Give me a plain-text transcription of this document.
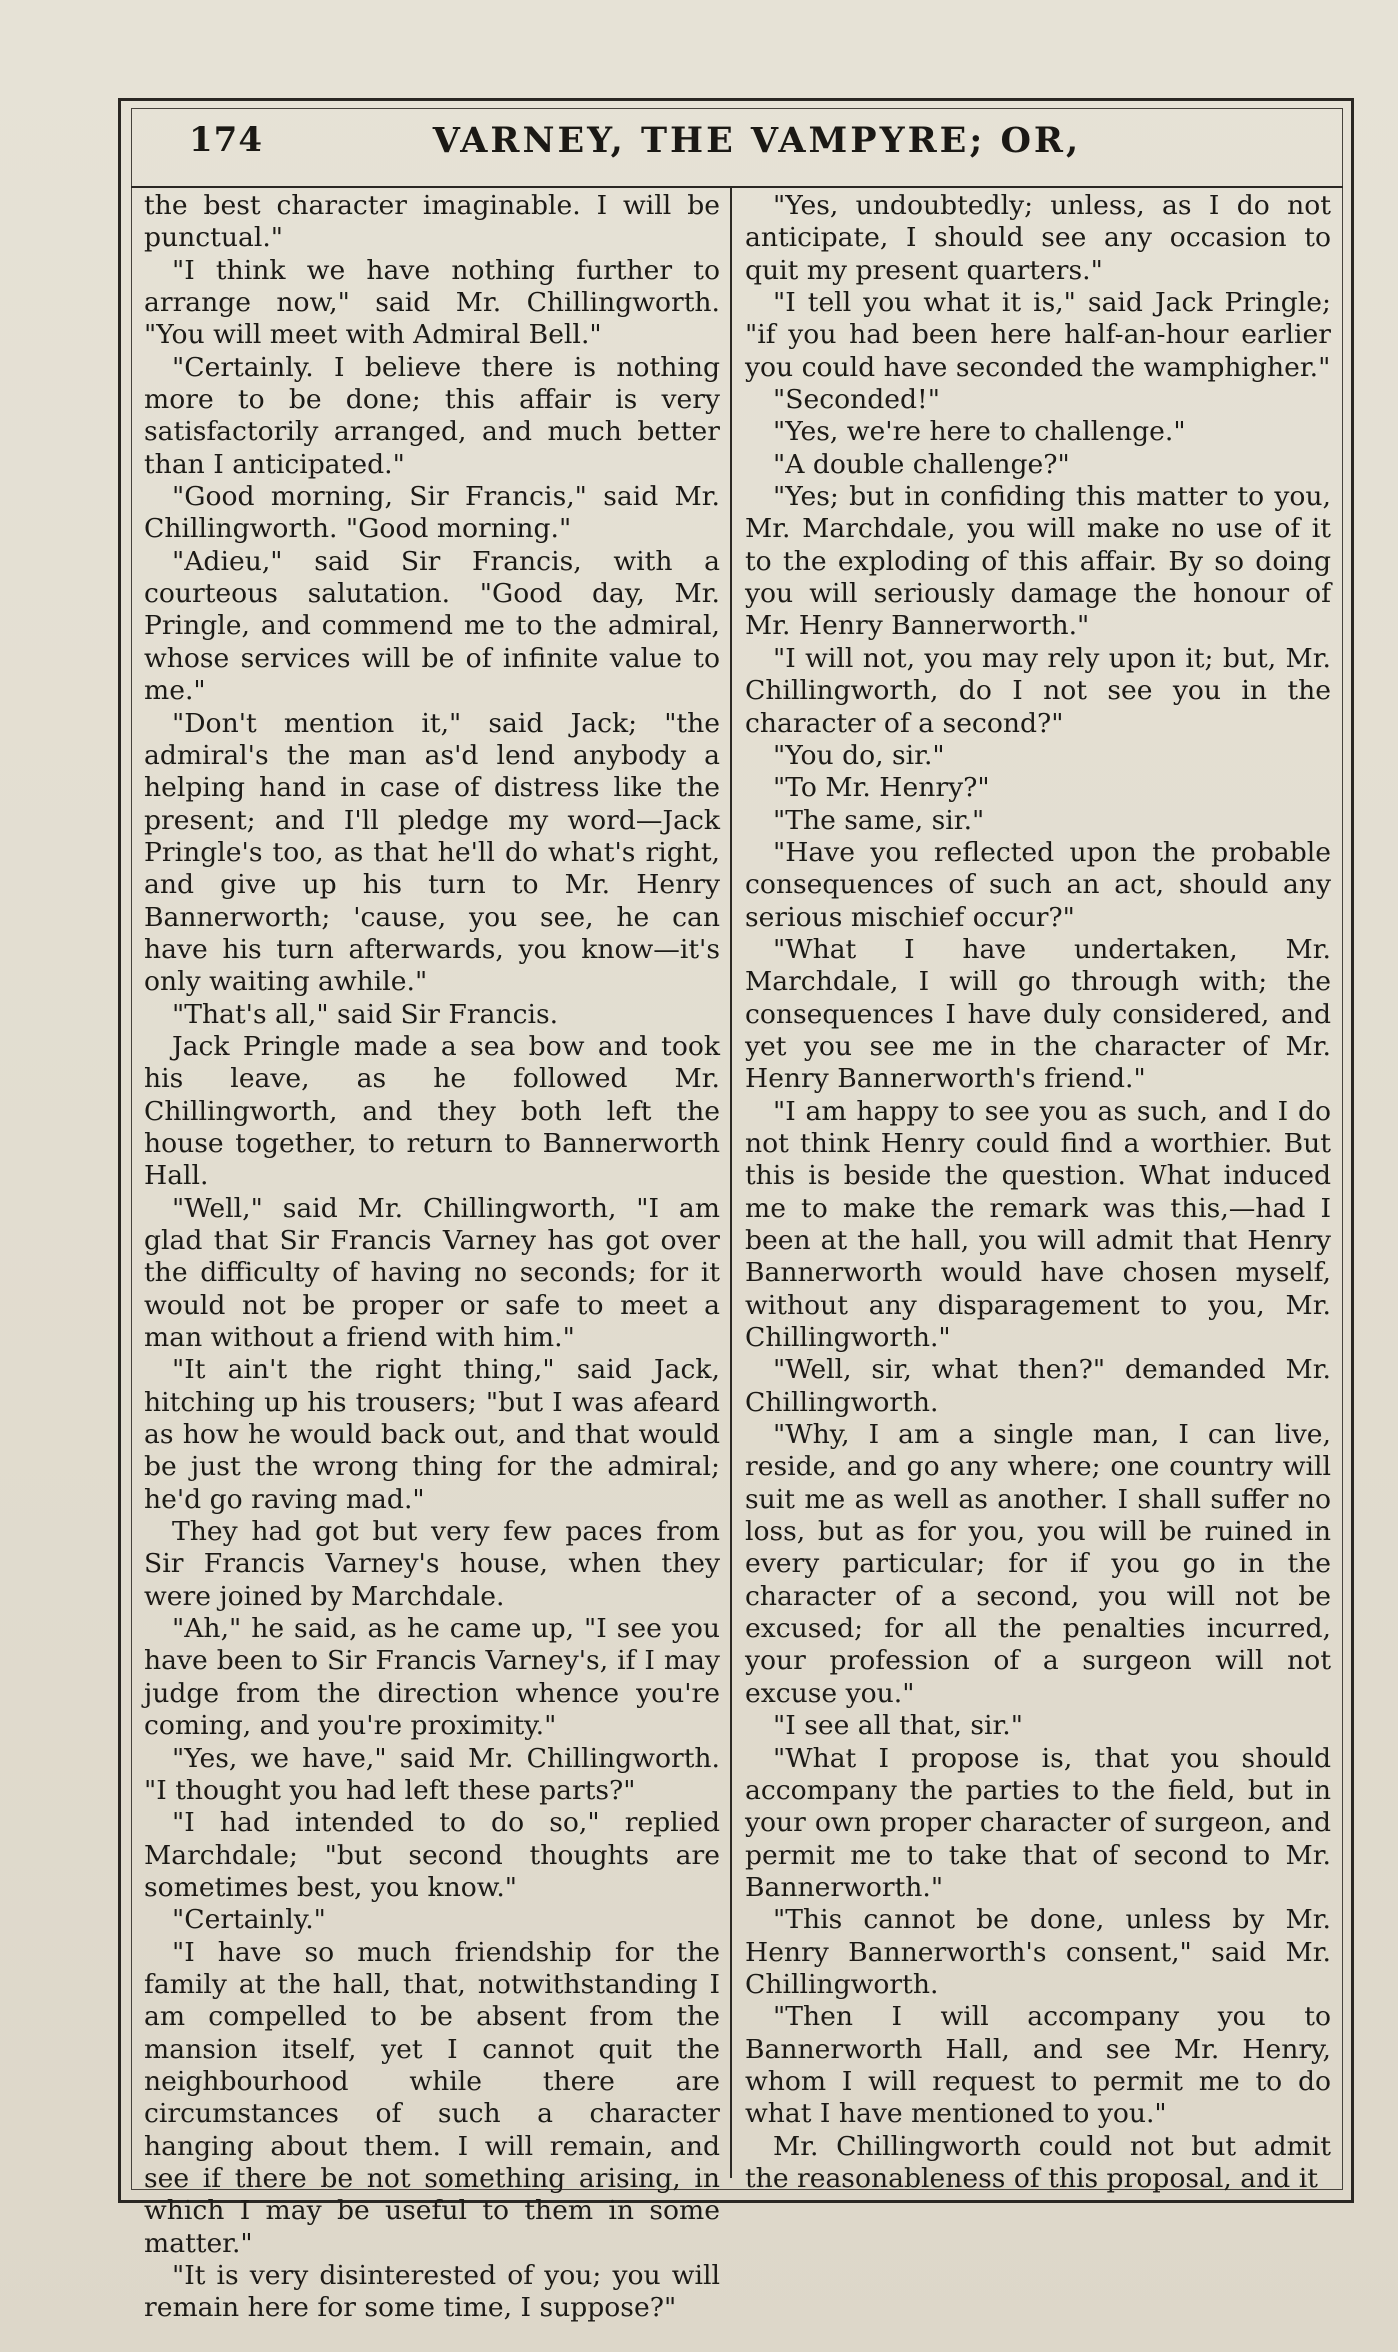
174	VARNEY, THE VAMPYRE; OR,

the best character imaginable. I will be punctual."

"I think we have nothing further to arrange now," said Mr. Chillingworth. "You will meet with Admiral Bell."

"Certainly. I believe there is nothing more to be done; this affair is very satisfactorily arranged, and much better than I anticipated."

"Good morning, Sir Francis," said Mr. Chillingworth. "Good morning."

"Adieu," said Sir Francis, with a courteous salutation. "Good day, Mr. Pringle, and commend me to the admiral, whose services will be of infinite value to me."

"Don't mention it," said Jack; "the admiral's the man as'd lend anybody a helping hand in case of distress like the present; and I'll pledge my word—Jack Pringle's too, as that he'll do what's right, and give up his turn to Mr. Henry Bannerworth; 'cause, you see, he can have his turn afterwards, you know—it's only waiting awhile."

"That's all," said Sir Francis.

Jack Pringle made a sea bow and took his leave, as he followed Mr. Chillingworth, and they both left the house together, to return to Bannerworth Hall.

"Well," said Mr. Chillingworth, "I am glad that Sir Francis Varney has got over the difficulty of having no seconds; for it would not be proper or safe to meet a man without a friend with him."

"It ain't the right thing," said Jack, hitching up his trousers; "but I was afeard as how he would back out, and that would be just the wrong thing for the admiral; he'd go raving mad."

They had got but very few paces from Sir Francis Varney's house, when they were joined by Marchdale.

"Ah," he said, as he came up, "I see you have been to Sir Francis Varney's, if I may judge from the direction whence you're coming, and you're proximity."

"Yes, we have," said Mr. Chillingworth. "I thought you had left these parts?"

"I had intended to do so," replied Marchdale; "but second thoughts are sometimes best, you know."

"Certainly."

"I have so much friendship for the family at the hall, that, notwithstanding I am compelled to be absent from the mansion itself, yet I cannot quit the neighbourhood while there are circumstances of such a character hanging about them. I will remain, and see if there be not something arising, in which I may be useful to them in some matter."

"It is very disinterested of you; you will remain here for some time, I suppose?"

"Yes, undoubtedly; unless, as I do not anticipate, I should see any occasion to quit my present quarters."

"I tell you what it is," said Jack Pringle; "if you had been here half-an-hour earlier you could have seconded the wamphigher."

"Seconded!"

"Yes, we're here to challenge."

"A double challenge?"

"Yes; but in confiding this matter to you, Mr. Marchdale, you will make no use of it to the exploding of this affair. By so doing you will seriously damage the honour of Mr. Henry Bannerworth."

"I will not, you may rely upon it; but, Mr. Chillingworth, do I not see you in the character of a second?"

"You do, sir."

"To Mr. Henry?"

"The same, sir."

"Have you reflected upon the probable consequences of such an act, should any serious mischief occur?"

"What I have undertaken, Mr. Marchdale, I will go through with; the consequences I have duly considered, and yet you see me in the character of Mr. Henry Bannerworth's friend."

"I am happy to see you as such, and I do not think Henry could find a worthier. But this is beside the question. What induced me to make the remark was this,—had I been at the hall, you will admit that Henry Bannerworth would have chosen myself, without any disparagement to you, Mr. Chillingworth."

"Well, sir, what then?" demanded Mr. Chillingworth.

"Why, I am a single man, I can live, reside, and go any where; one country will suit me as well as another. I shall suffer no loss, but as for you, you will be ruined in every particular; for if you go in the character of a second, you will not be excused; for all the penalties incurred, your profession of a surgeon will not excuse you."

"I see all that, sir."

"What I propose is, that you should accompany the parties to the field, but in your own proper character of surgeon, and permit me to take that of second to Mr. Bannerworth."

"This cannot be done, unless by Mr. Henry Bannerworth's consent," said Mr. Chillingworth.

"Then I will accompany you to Bannerworth Hall, and see Mr. Henry, whom I will request to permit me to do what I have mentioned to you."

Mr. Chillingworth could not but admit the reasonableness of this proposal, and it
